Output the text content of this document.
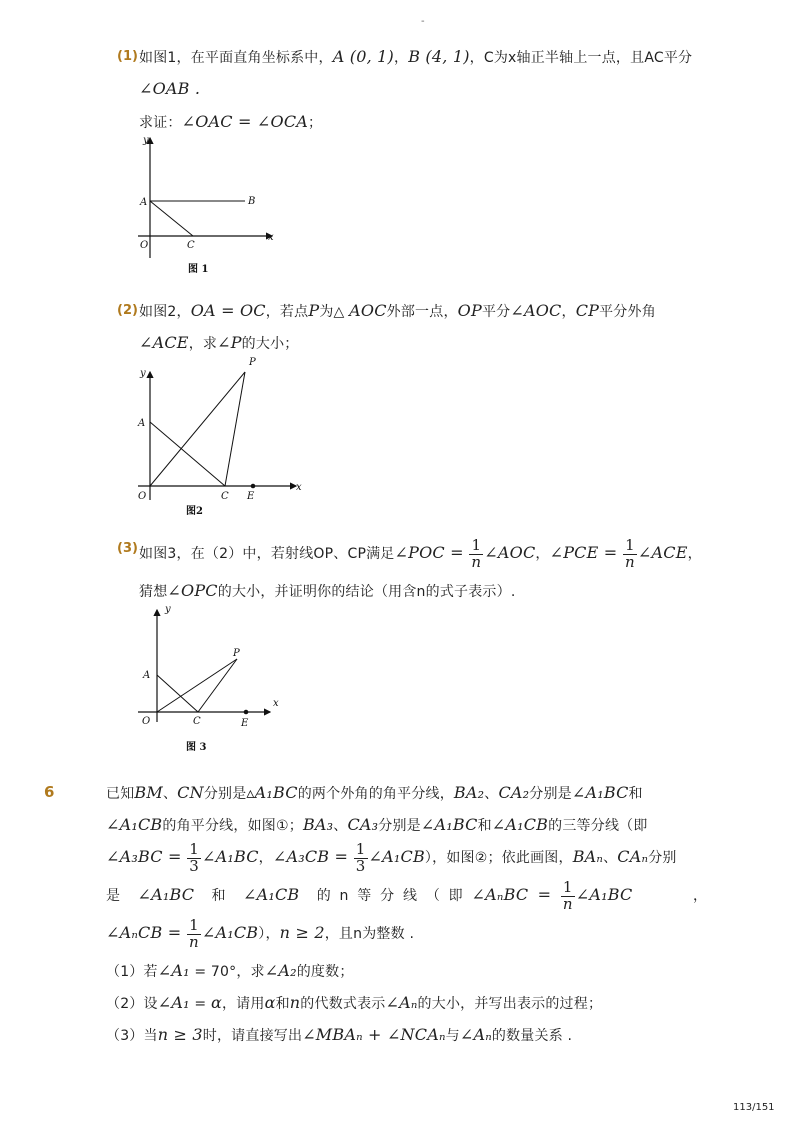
-
(1) 如图1，在平面直角坐标系中，A (0, 1)，B (4, 1)，C为x轴正半轴上一点，且AC平分
∠OAB .
求证：∠OAC = ∠OCA；
y
x
A	B
O	C
图 1
(2) 如图2，OA = OC，若点P为△ AOC外部一点，OP平分∠AOC，CP平分外角
∠ACE，求∠P的大小；
y
x
A
P
O	C E
图2
(3) 如图3，在（2）中，若射线OP、CP满足∠POC = $\frac{1}{n}$ ∠AOC，∠PCE = $\frac{1}{n}$ ∠ACE，
猜想∠OPC的大小，并证明你的结论（用含n的式子表示）.
y
x
A
P
O	C	E
图 3
6	已知BM、CN分别是▵A₁BC的两个外角的角平分线，BA₂、CA₂分别是∠A₁BC和
∠A₁CB的角平分线，如图①；BA₃、CA₃分别是∠A₁BC和∠A₁CB的三等分线（即
∠A₃BC = $\frac{1}{3}$ ∠A₁BC，∠A₃CB = $\frac{1}{3}$ ∠A₁CB），如图②；依此画图，BAₙ、CAₙ分别
是 ∠A₁BC 和 ∠A₁CB 的 n 等 分 线 （ 即 ∠AₙBC = $\frac{1}{n}$ ∠A₁BC	，
∠AₙCB = $\frac{1}{n}$ ∠A₁CB），n ≥ 2，且n为整数 .
（1）若∠A₁ = 70°，求∠A₂的度数；
（2）设∠A₁ = α，请用α和n的代数式表示∠Aₙ的大小，并写出表示的过程；
（3）当n ≥ 3时，请直接写出∠MBAₙ + ∠NCAₙ与∠Aₙ的数量关系 .
113/151
